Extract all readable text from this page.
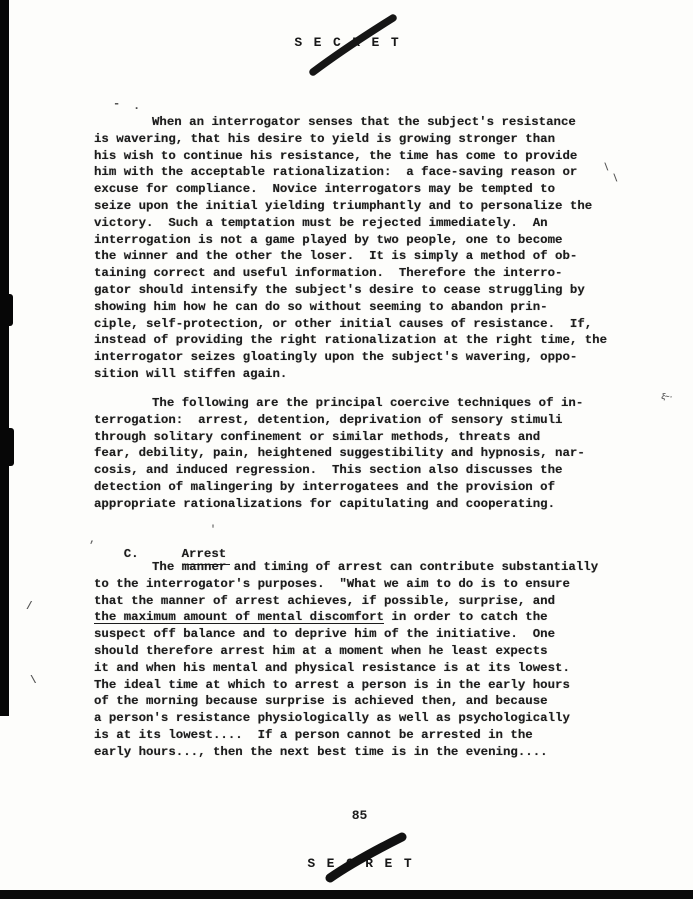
SECRET

When an interrogator senses that the subject's resistance
is wavering, that his desire to yield is growing stronger than
his wish to continue his resistance, the time has come to provide
him with the acceptable rationalization:  a face-saving reason or
excuse for compliance.  Novice interrogators may be tempted to
seize upon the initial yielding triumphantly and to personalize the
victory.  Such a temptation must be rejected immediately.  An
interrogation is not a game played by two people, one to become
the winner and the other the loser.  It is simply a method of ob-
taining correct and useful information.  Therefore the interro-
gator should intensify the subject's desire to cease struggling by
showing him how he can do so without seeming to abandon prin-
ciple, self-protection, or other initial causes of resistance.  If,
instead of providing the right rationalization at the right time, the
interrogator seizes gloatingly upon the subject's wavering, oppo-
sition will stiffen again.

The following are the principal coercive techniques of in-
terrogation:  arrest, detention, deprivation of sensory stimuli
through solitary confinement or similar methods, threats and
fear, debility, pain, heightened suggestibility and hypnosis, nar-
cosis, and induced regression.  This section also discusses the
detection of malingering by interrogatees and the provision of
appropriate rationalizations for capitulating and cooperating.

C.	Arrest

The manner and timing of arrest can contribute substantially
to the interrogator's purposes.  "What we aim to do is to ensure
that the manner of arrest achieves, if possible, surprise, and
the maximum amount of mental discomfort in order to catch the
suspect off balance and to deprive him of the initiative.  One
should therefore arrest him at a moment when he least expects
it and when his mental and physical resistance is at its lowest.
The ideal time at which to arrest a person is in the early hours
of the morning because surprise is achieved then, and because
a person's resistance physiologically as well as psychologically
is at its lowest....  If a person cannot be arrested in the
early hours..., then the next best time is in the evening....

85
SECRET
- .
\
\
ξ~·
/
\
,
'
